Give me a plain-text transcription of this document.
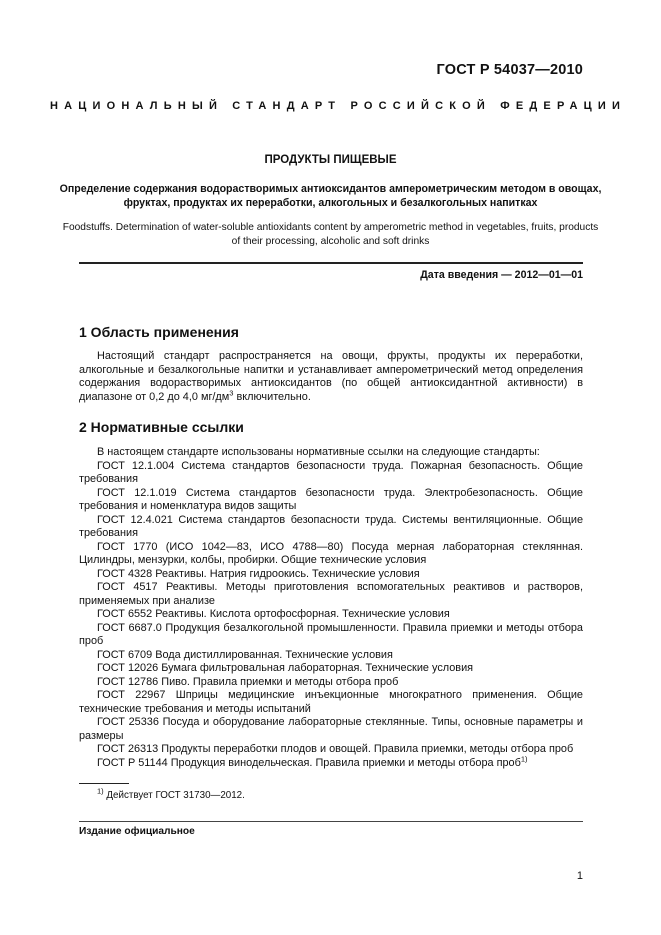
ГОСТ Р 54037—2010
НАЦИОНАЛЬНЫЙ СТАНДАРТ РОССИЙСКОЙ ФЕДЕРАЦИИ
ПРОДУКТЫ ПИЩЕВЫЕ
Определение содержания водорастворимых антиоксидантов амперометрическим методом в овощах, фруктах, продуктах их переработки, алкогольных и безалкогольных напитках
Foodstuffs. Determination of water-soluble antioxidants content by amperometric method in vegetables, fruits, products of their processing, alcoholic and soft drinks
Дата введения — 2012—01—01
1 Область применения

Настоящий стандарт распространяется на овощи, фрукты, продукты их переработки, алкогольные и безалкогольные напитки и устанавливает амперометрический метод определения содержания водорастворимых антиоксидантов (по общей антиоксидантной активности) в диапазоне от 0,2 до 4,0 $мг/дм^3$ включительно.

2 Нормативные ссылки

В настоящем стандарте использованы нормативные ссылки на следующие стандарты:

ГОСТ 12.1.004 Система стандартов безопасности труда. Пожарная безопасность. Общие требования

ГОСТ 12.1.019 Система стандартов безопасности труда. Электробезопасность. Общие требования и номенклатура видов защиты

ГОСТ 12.4.021 Система стандартов безопасности труда. Системы вентиляционные. Общие требования

ГОСТ 1770 (ИСО 1042—83, ИСО 4788—80) Посуда мерная лабораторная стеклянная. Цилиндры, мензурки, колбы, пробирки. Общие технические условия

ГОСТ 4328 Реактивы. Натрия гидроокись. Технические условия

ГОСТ 4517 Реактивы. Методы приготовления вспомогательных реактивов и растворов, применяемых при анализе

ГОСТ 6552 Реактивы. Кислота ортофосфорная. Технические условия

ГОСТ 6687.0 Продукция безалкогольной промышленности. Правила приемки и методы отбора проб

ГОСТ 6709 Вода дистиллированная. Технические условия

ГОСТ 12026 Бумага фильтровальная лабораторная. Технические условия

ГОСТ 12786 Пиво. Правила приемки и методы отбора проб

ГОСТ 22967 Шприцы медицинские инъекционные многократного применения. Общие технические требования и методы испытаний

ГОСТ 25336 Посуда и оборудование лабораторные стеклянные. Типы, основные параметры и размеры

ГОСТ 26313 Продукты переработки плодов и овощей. Правила приемки, методы отбора проб

ГОСТ Р 51144 Продукция винодельческая. Правила приемки и методы отбора проб$^{1)}$

$^{1)}$ Действует ГОСТ 31730—2012.
Издание официальное
1
